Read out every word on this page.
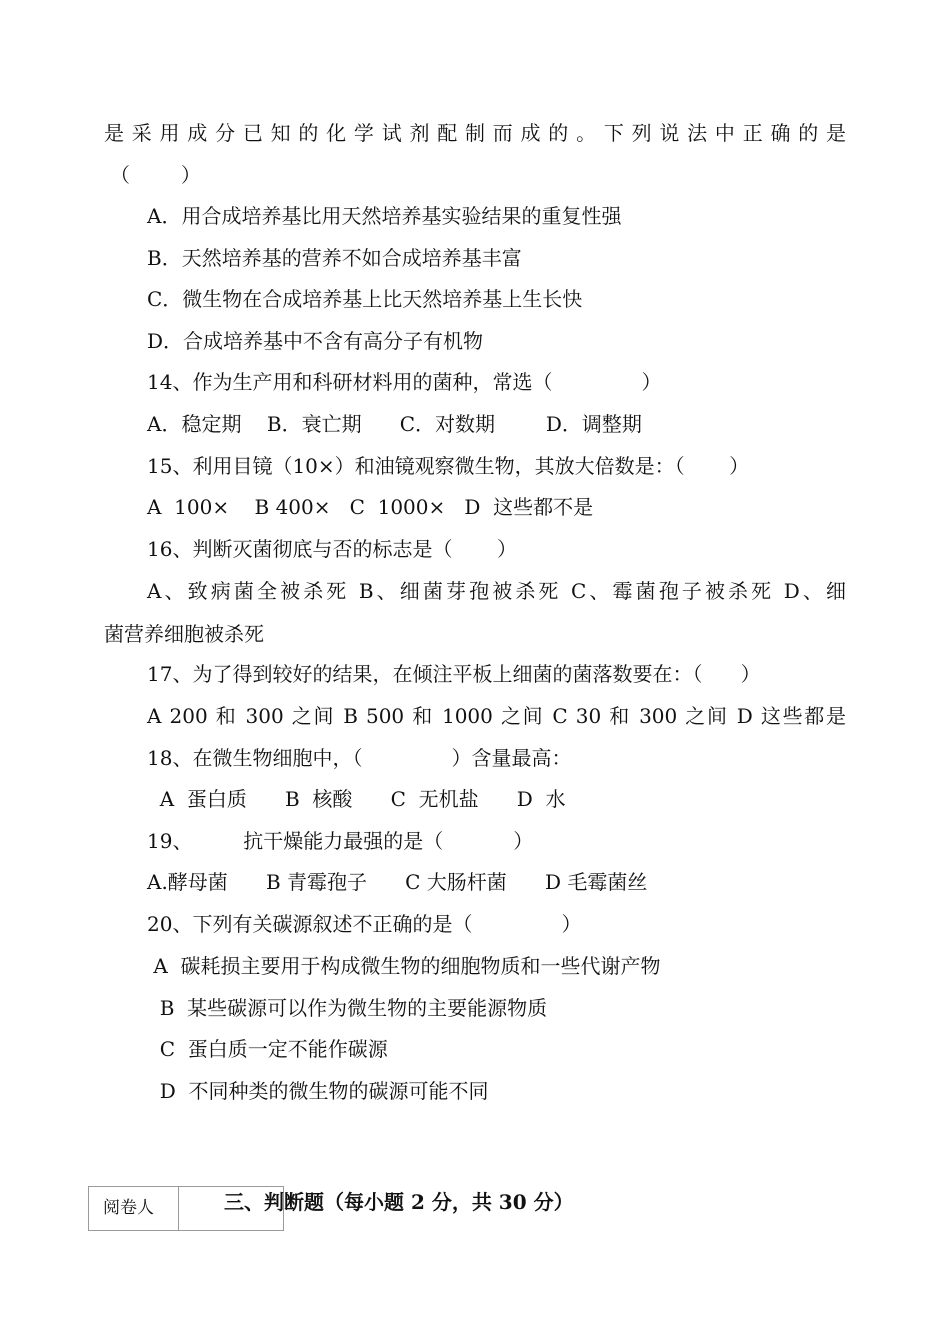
是采用成分已知的化学试剂配制而成的。下列说法中正确的是
（        ）
A．用合成培养基比用天然培养基实验结果的重复性强
B．天然培养基的营养不如合成培养基丰富
C．微生物在合成培养基上比天然培养基上生长快
D．合成培养基中不含有高分子有机物
14、作为生产用和科研材料用的菌种，常选（              ）
A．稳定期    B．衰亡期      C．对数期        D．调整期
15、利用目镜（10×）和油镜观察微生物，其放大倍数是：（       ）
A  100×    B 400×   C  1000×   D  这些都不是
16、判断灭菌彻底与否的标志是（       ）
A、致病菌全被杀死 B、细菌芽孢被杀死 C、霉菌孢子被杀死 D、细
菌营养细胞被杀死
17、为了得到较好的结果，在倾注平板上细菌的菌落数要在：（      ）
A 200 和 300 之间 B 500 和 1000 之间 C 30 和 300 之间 D 这些都是
18、在微生物细胞中，（              ）含量最高：
A  蛋白质      B  核酸      C  无机盐      D  水
19、        抗干燥能力最强的是（           ）
A.酵母菌      B 青霉孢子      C 大肠杆菌      D 毛霉菌丝
20、下列有关碳源叙述不正确的是（              ）
A  碳耗损主要用于构成微生物的细胞物质和一些代谢产物
B  某些碳源可以作为微生物的主要能源物质
C  蛋白质一定不能作碳源
D  不同种类的微生物的碳源可能不同
阅卷人	三、判断题（每小题 2 分，共 30 分）
